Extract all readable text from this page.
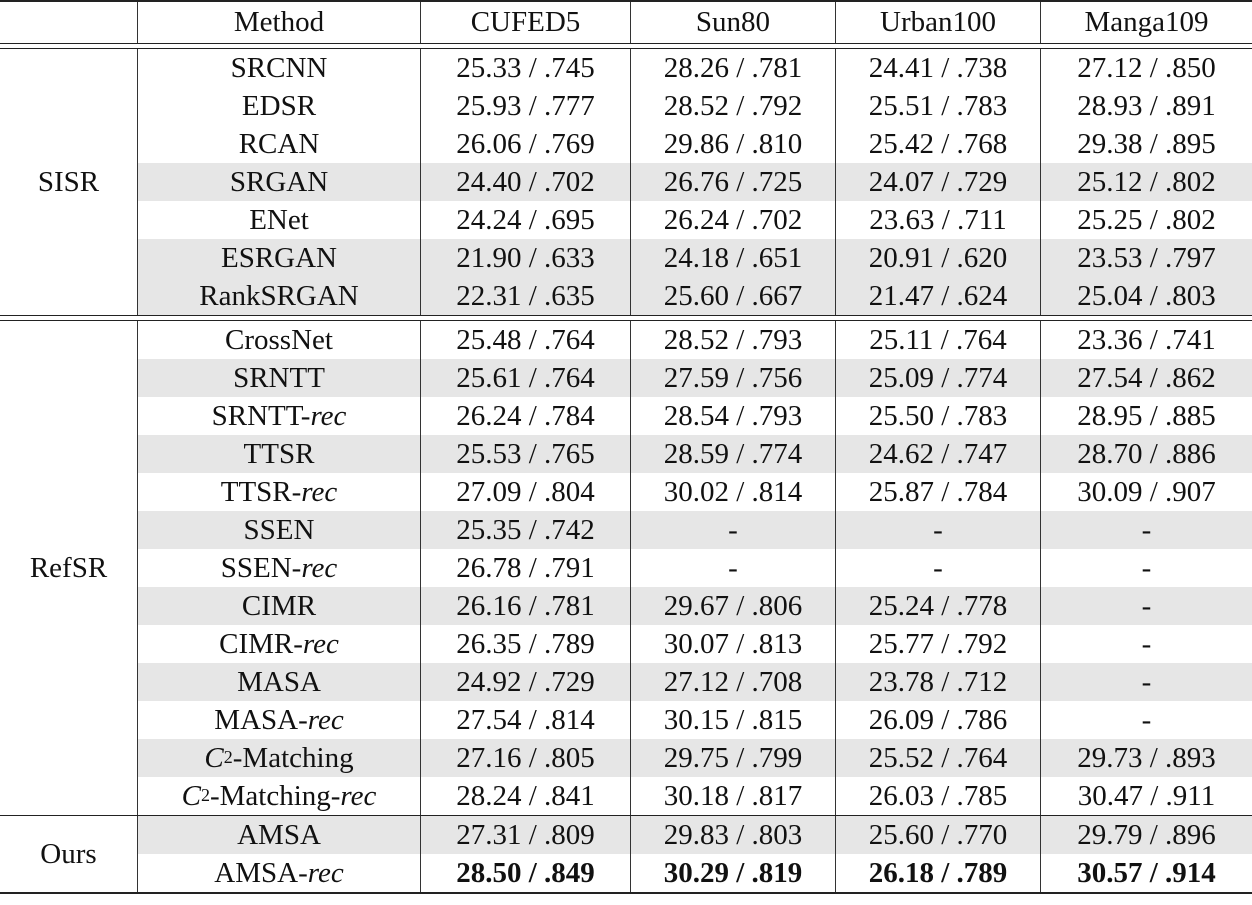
Method	CUFED5	Sun80	Urban100	Manga109
SISR
SRCNN	25.33 / .745	28.26 / .781	24.41 / .738	27.12 / .850
EDSR	25.93 / .777	28.52 / .792	25.51 / .783	28.93 / .891
RCAN	26.06 / .769	29.86 / .810	25.42 / .768	29.38 / .895
SRGAN	24.40 / .702	26.76 / .725	24.07 / .729	25.12 / .802
ENet	24.24 / .695	26.24 / .702	23.63 / .711	25.25 / .802
ESRGAN	21.90 / .633	24.18 / .651	20.91 / .620	23.53 / .797
RankSRGAN	22.31 / .635	25.60 / .667	21.47 / .624	25.04 / .803
RefSR
CrossNet	25.48 / .764	28.52 / .793	25.11 / .764	23.36 / .741
SRNTT	25.61 / .764	27.59 / .756	25.09 / .774	27.54 / .862
SRNTT- rec	26.24 / .784	28.54 / .793	25.50 / .783	28.95 / .885
TTSR	25.53 / .765	28.59 / .774	24.62 / .747	28.70 / .886
TTSR- rec	27.09 / .804	30.02 / .814	25.87 / .784	30.09 / .907
SSEN	25.35 / .742	-	-	-
SSEN- rec	26.78 / .791	-	-	-
CIMR	26.16 / .781	29.67 / .806	25.24 / .778	-
CIMR- rec	26.35 / .789	30.07 / .813	25.77 / .792	-
MASA	24.92 / .729	27.12 / .708	23.78 / .712	-
MASA- rec	27.54 / .814	30.15 / .815	26.09 / .786	-
C 2 -Matching	27.16 / .805	29.75 / .799	25.52 / .764	29.73 / .893
C 2 -Matching- rec	28.24 / .841	30.18 / .817	26.03 / .785	30.47 / .911
Ours
AMSA	27.31 / .809	29.83 / .803	25.60 / .770	29.79 / .896
AMSA- rec	28.50 / .849	30.29 / .819	26.18 / .789	30.57 / .914
